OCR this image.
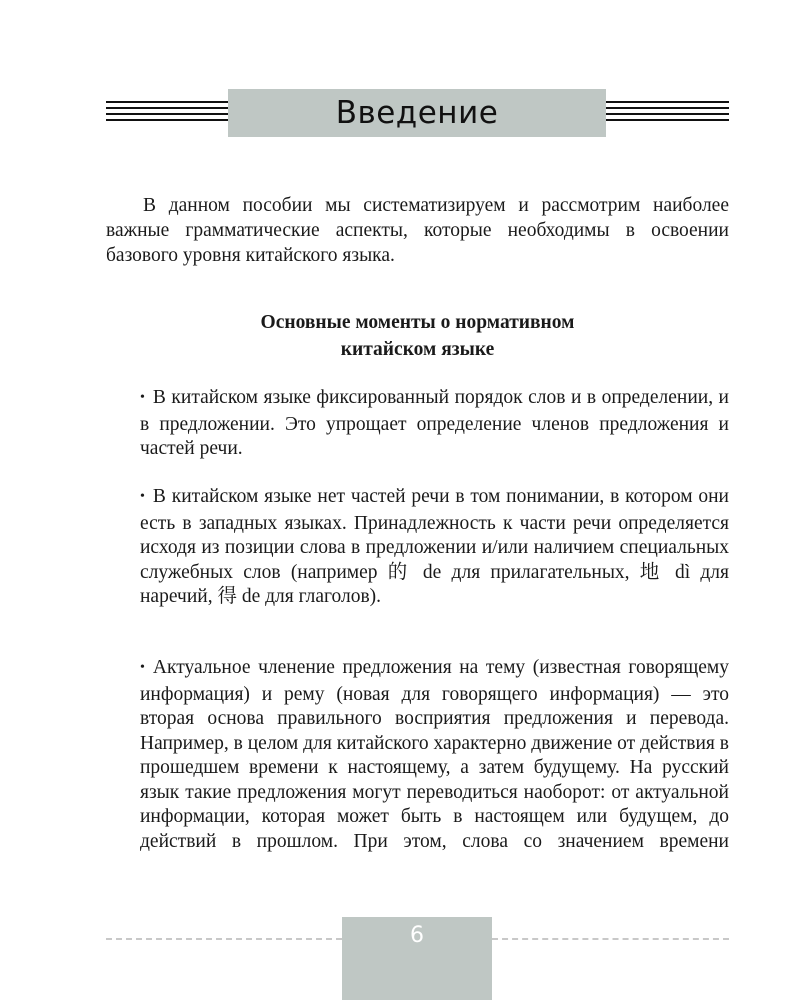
Введение

В данном пособии мы систематизируем и рассмотрим наиболее важные грамматические аспекты, которые необходимы в освоении базового уровня китайского языка.

Основные моменты о нормативном
китайском языке

• В китайском языке фиксированный порядок слов и в определении, и в предложении. Это упрощает определение членов предложения и частей речи.

• В китайском языке нет частей речи в том понимании, в котором они есть в западных языках. Принадлежность к части речи определяется исходя из позиции слова в предложении и/или наличием специальных служебных слов (например 的 de для прилагательных, 地 dì для наречий, 得 de для глаголов).

• Актуальное членение предложения на тему (известная говорящему информация) и рему (новая для говорящего информация) — это вторая основа правильного восприятия предложения и перевода. Например, в целом для китайского характерно движение от действия в прошедшем времени к настоящему, а затем будущему. На русский язык такие предложения могут переводиться наоборот: от актуальной информации, которая может быть в настоящем или будущем, до действий в прошлом. При этом, слова со значением времени

6
